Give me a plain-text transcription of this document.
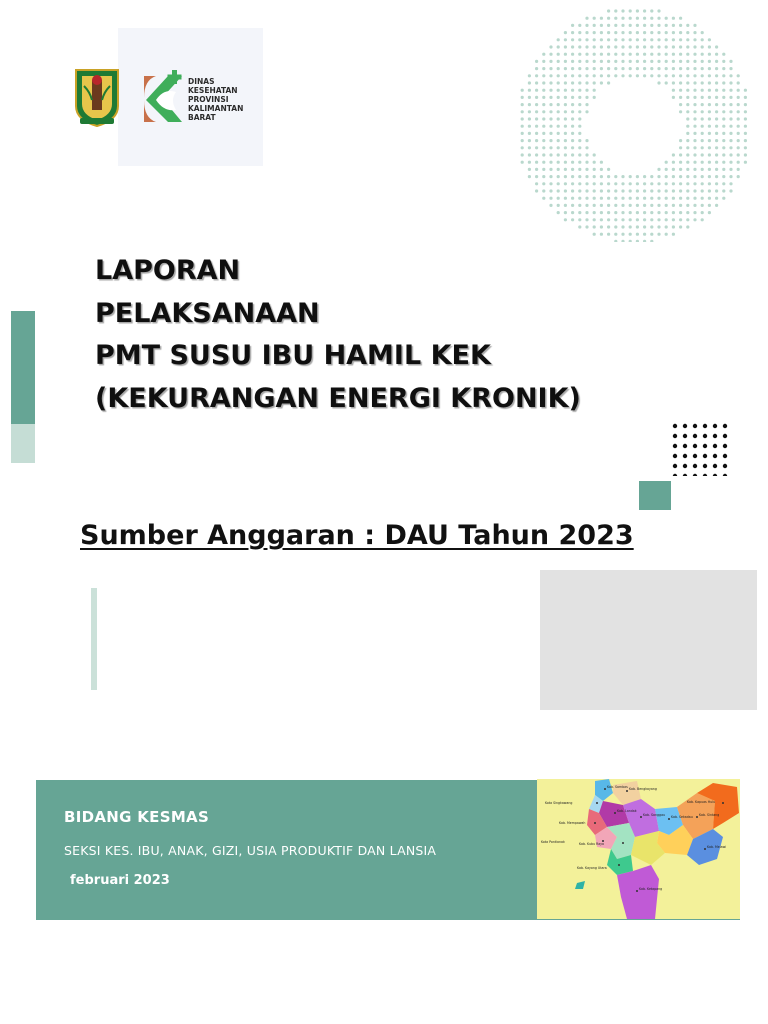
DINAS
KESEHATAN
PROVINSI
KALIMANTAN
BARAT
LAPORAN
PELAKSANAAN
PMT SUSU IBU HAMIL KEK
(KEKURANGAN ENERGI KRONIK)
Sumber Anggaran : DAU Tahun 2023
BIDANG KESMAS
SEKSI KES. IBU, ANAK, GIZI, USIA PRODUKTIF DAN LANSIA
februari 2023
Kab. Sambas Kab. Bengkayang
Kota Singkawang
Kab. Landak
Kab. Mempawah
Kab. Sanggau Kab. Sekadau Kab. Sintang
Kab. Kapuas Hulu
Kota Pontianak	Kab. Kubu Raya
Kab. Melawi
Kab. Kayong Utara
Kab. Ketapang
